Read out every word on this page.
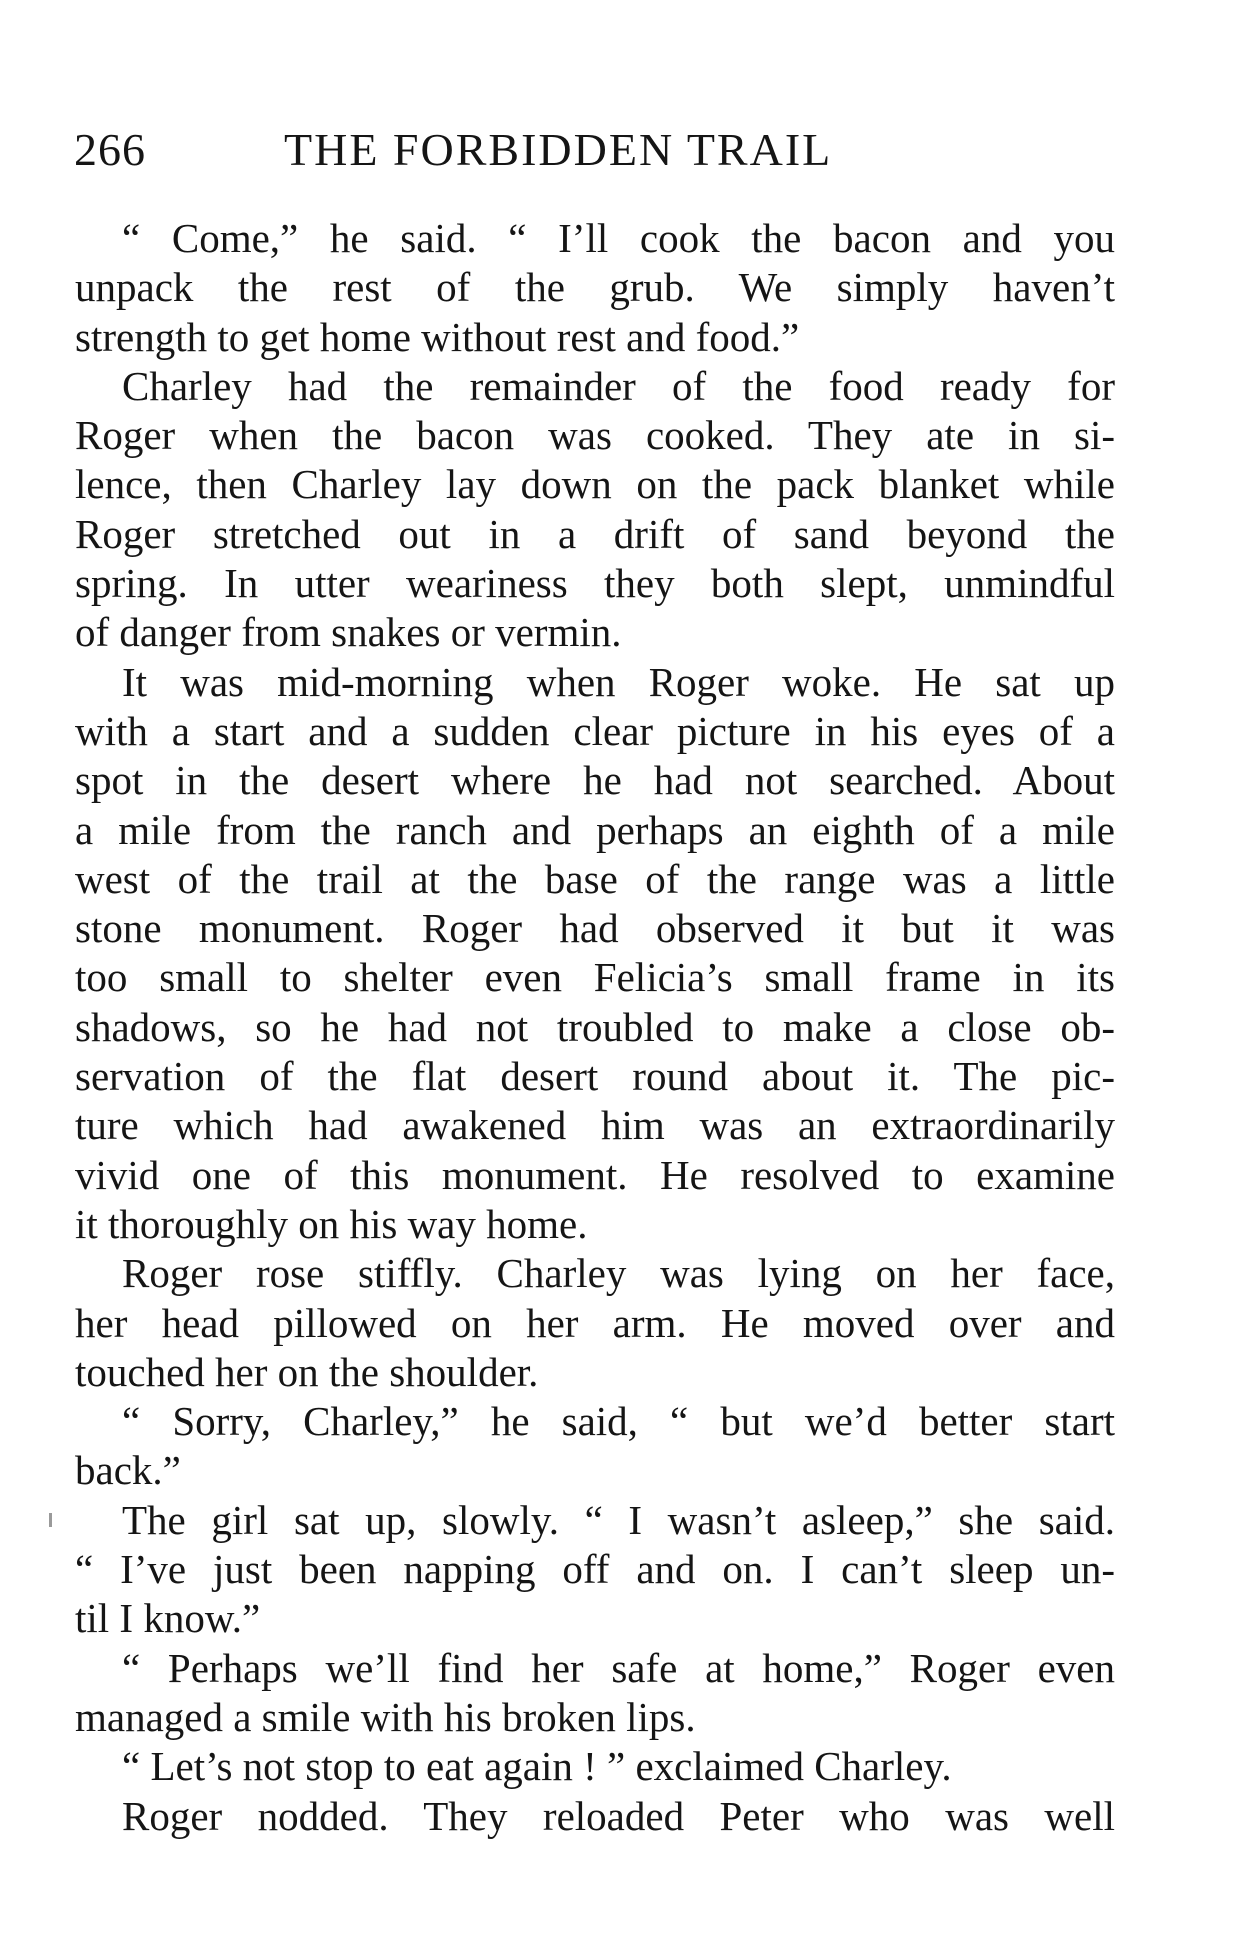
266	THE FORBIDDEN TRAIL
“ Come,” he said. “ I’ll cook the bacon and you
unpack the rest of the grub. We simply haven’t
strength to get home without rest and food.”
Charley had the remainder of the food ready for
Roger when the bacon was cooked. They ate in si-
lence, then Charley lay down on the pack blanket while
Roger stretched out in a drift of sand beyond the
spring. In utter weariness they both slept, unmindful
of danger from snakes or vermin.
It was mid-morning when Roger woke. He sat up
with a start and a sudden clear picture in his eyes of a
spot in the desert where he had not searched. About
a mile from the ranch and perhaps an eighth of a mile
west of the trail at the base of the range was a little
stone monument. Roger had observed it but it was
too small to shelter even Felicia’s small frame in its
shadows, so he had not troubled to make a close ob-
servation of the flat desert round about it. The pic-
ture which had awakened him was an extraordinarily
vivid one of this monument. He resolved to examine
it thoroughly on his way home.
Roger rose stiffly. Charley was lying on her face,
her head pillowed on her arm. He moved over and
touched her on the shoulder.
“ Sorry, Charley,” he said, “ but we’d better start
back.”
The girl sat up, slowly. “ I wasn’t asleep,” she said.
“ I’ve just been napping off and on. I can’t sleep un-
til I know.”
“ Perhaps we’ll find her safe at home,” Roger even
managed a smile with his broken lips.
“ Let’s not stop to eat again ! ” exclaimed Charley.
Roger nodded. They reloaded Peter who was well
